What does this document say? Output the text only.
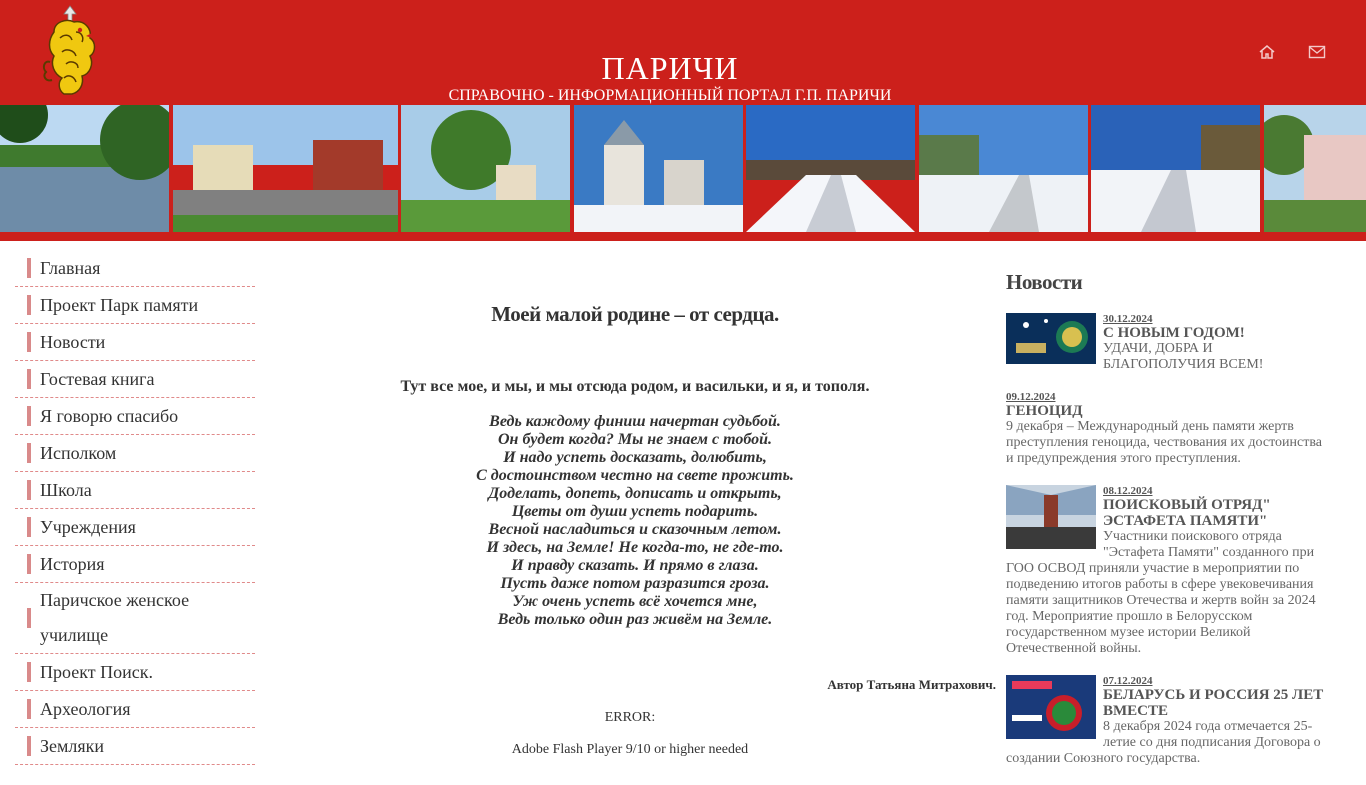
ПАРИЧИ
СПРАВОЧНО - ИНФОРМАЦИОННЫЙ ПОРТАЛ Г.П. ПАРИЧИ
Главная
Проект Парк памяти
Новости
Гостевая книга
Я говорю спасибо
Исполком
Школа
Учреждения
История
Паричское женское училище
Проект Поиск.
Археология
Земляки
Моей малой родине – от сердца.
Тут все мое, и мы, и мы отсюда родом, и васильки, и я, и тополя.
Ведь каждому финиш начертан судьбой.
Он будет когда? Мы не знаем с тобой.
И надо успеть досказать, долюбить,
С достоинством честно на свете прожить.
Доделать, допеть, дописать и открыть,
Цветы от души успеть подарить.
Весной насладиться и сказочным летом.
И здесь, на Земле! Не когда-то, не где-то.
И правду сказать. И прямо в глаза.
Пусть даже потом разразится гроза.
Уж очень успеть всё хочется мне,
Ведь только один раз живём на Земле.
Автор Татьяна Митрахович.
ERROR:
Adobe Flash Player 9/10 or higher needed
Новости
30.12.2024
С НОВЫМ ГОДОМ!
УДАЧИ, ДОБРА И БЛАГОПОЛУЧИЯ ВСЕМ!
09.12.2024
ГЕНОЦИД
9 декабря – Международный день памяти жертв преступления геноцида, чествования их достоинства и предупреждения этого преступления.
08.12.2024
ПОИСКОВЫЙ ОТРЯД" ЭСТАФЕТА ПАМЯТИ"
Участники поискового отряда "Эстафета Памяти" созданного при ГОО ОСВОД приняли участие в мероприятии по подведению итогов работы в сфере увековечивания памяти защитников Отечества и жертв войн за 2024 год. Мероприятие прошло в Белорусском государственном музее истории Великой Отечественной войны.
07.12.2024
БЕЛАРУСЬ И РОССИЯ 25 ЛЕТ ВМЕСТЕ
8 декабря 2024 года отмечается 25-летие со дня подписания Договора о создании Союзного государства.
